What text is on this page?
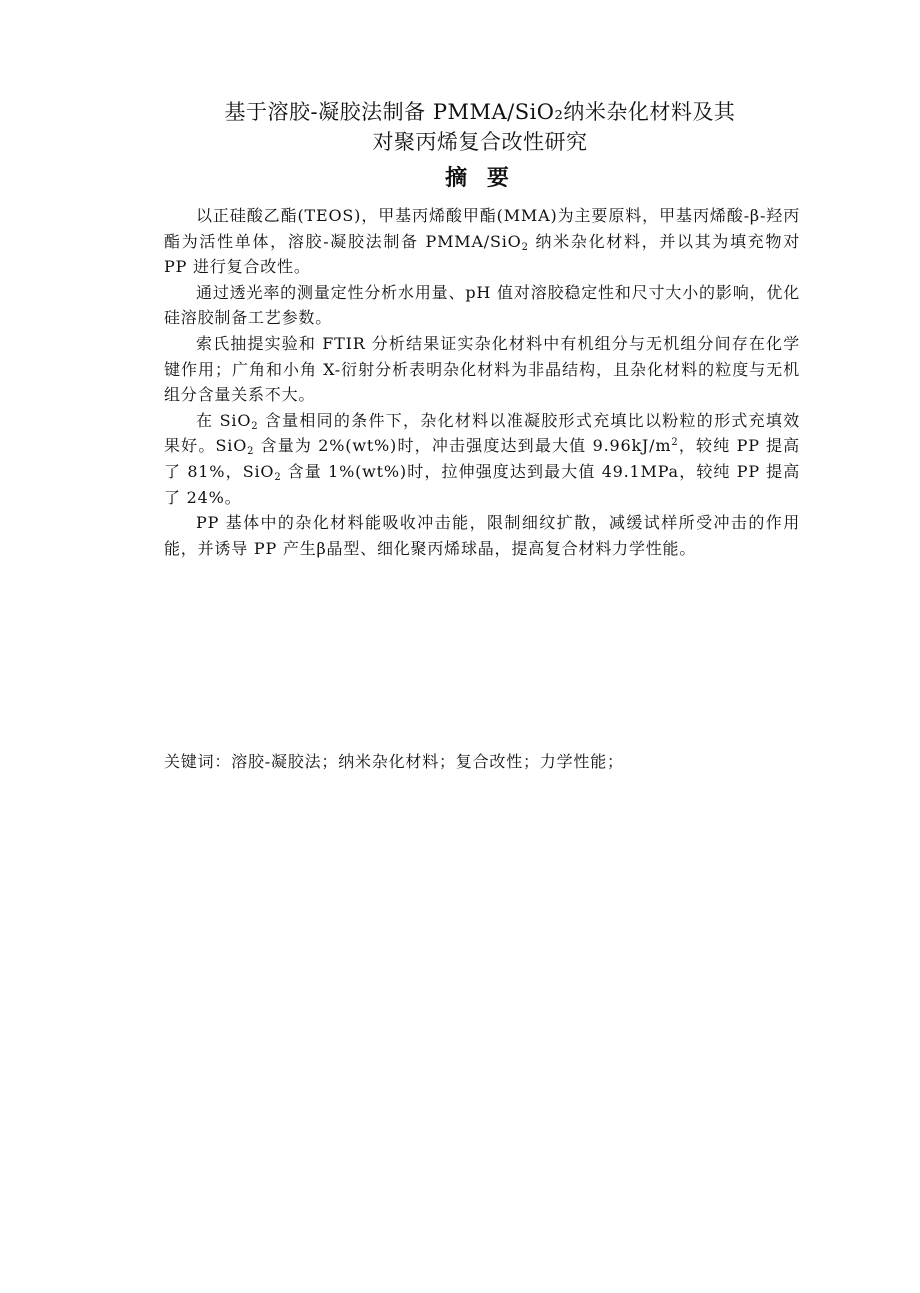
基于溶胶-凝胶法制备 PMMA/SiO₂纳米杂化材料及其
对聚丙烯复合改性研究
摘 要

以正硅酸乙酯(TEOS)，甲基丙烯酸甲酯(MMA)为主要原料，甲基丙烯酸-β-羟丙酯为活性单体，溶胶-凝胶法制备 PMMA/SiO$_2$ 纳米杂化材料，并以其为填充物对 PP 进行复合改性。

通过透光率的测量定性分析水用量、pH 值对溶胶稳定性和尺寸大小的影响，优化硅溶胶制备工艺参数。

索氏抽提实验和 FTIR 分析结果证实杂化材料中有机组分与无机组分间存在化学键作用；广角和小角 X-衍射分析表明杂化材料为非晶结构，且杂化材料的粒度与无机组分含量关系不大。

在 SiO$_2$ 含量相同的条件下，杂化材料以准凝胶形式充填比以粉粒的形式充填效果好。SiO$_2$ 含量为 2%(wt%)时，冲击强度达到最大值 $9.96kJ/m^2$，较纯 PP 提高了 81%，SiO$_2$ 含量 1%(wt%)时，拉伸强度达到最大值 49.1MPa，较纯 PP 提高了 24%。

PP 基体中的杂化材料能吸收冲击能，限制细纹扩散，减缓试样所受冲击的作用能，并诱导 PP 产生β晶型、细化聚丙烯球晶，提高复合材料力学性能。

关键词：溶胶-凝胶法；纳米杂化材料；复合改性；力学性能；
